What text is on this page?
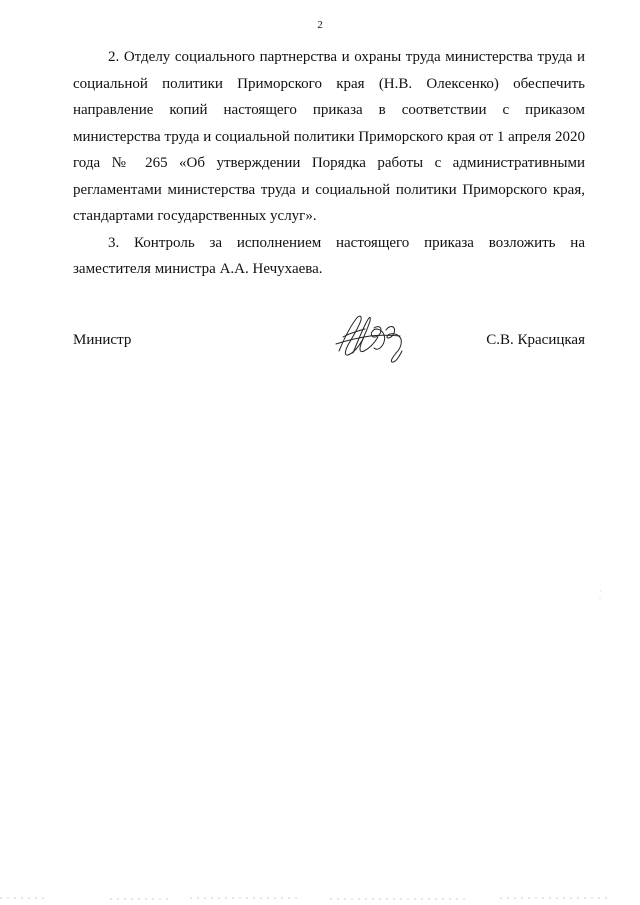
2

2. Отделу социального партнерства и охраны труда министерства труда и социальной политики Приморского края (Н.В. Олексенко) обеспечить направление копий настоящего приказа в соответствии с приказом министерства труда и социальной политики Приморского края от 1 апреля 2020 года № 265 «Об утверждении Порядка работы с административными регламентами министерства труда и социальной политики Приморского края, стандартами государственных услуг».

3. Контроль за исполнением настоящего приказа возложить на заместителя министра А.А. Нечухаева.

Министр	С.В. Красицкая
